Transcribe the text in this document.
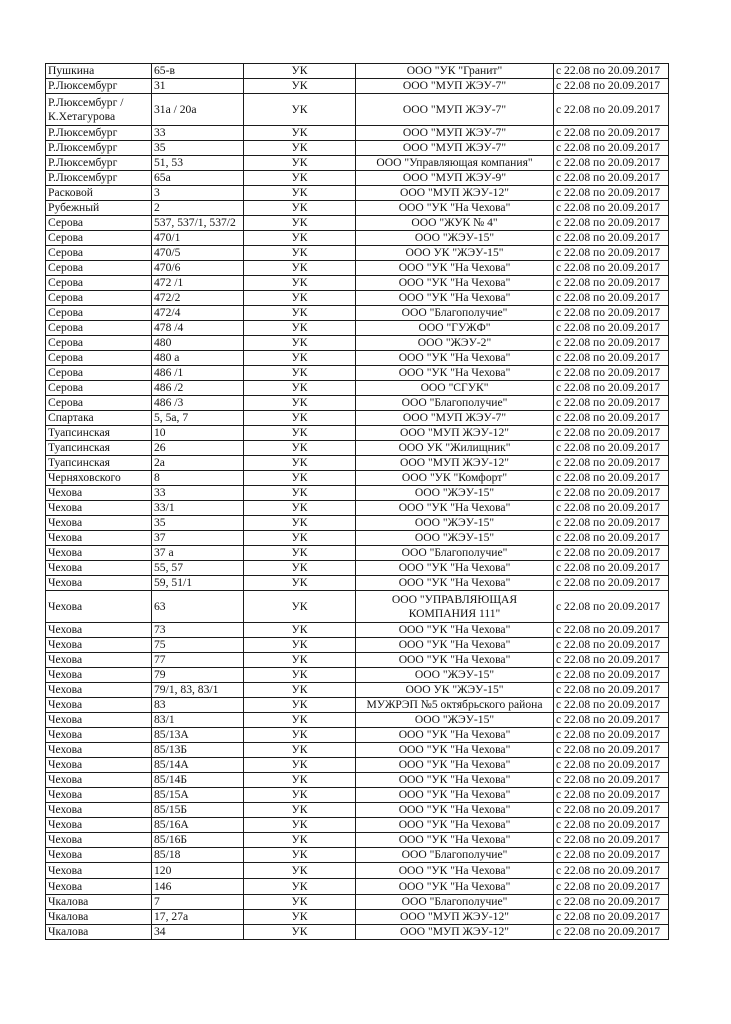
Пушкина	65-в	УК	ООО "УК "Гранит"	с 22.08 по 20.09.2017
Р.Люксембург	31	УК	ООО "МУП ЖЭУ-7"	с 22.08 по 20.09.2017
Р.Люксембург / К.Хетагурова	31а / 20а	УК	ООО "МУП ЖЭУ-7"	с 22.08 по 20.09.2017
Р.Люксембург	33	УК	ООО "МУП ЖЭУ-7"	с 22.08 по 20.09.2017
Р.Люксембург	35	УК	ООО "МУП ЖЭУ-7"	с 22.08 по 20.09.2017
Р.Люксембург	51, 53	УК	ООО "Управляющая компания"	с 22.08 по 20.09.2017
Р.Люксембург	65а	УК	ООО "МУП ЖЭУ-9"	с 22.08 по 20.09.2017
Расковой	3	УК	ООО "МУП ЖЭУ-12"	с 22.08 по 20.09.2017
Рубежный	2	УК	ООО "УК "На Чехова"	с 22.08 по 20.09.2017
Серова	537, 537/1, 537/2	УК	ООО "ЖУК № 4"	с 22.08 по 20.09.2017
Серова	470/1	УК	ООО "ЖЭУ-15"	с 22.08 по 20.09.2017
Серова	470/5	УК	ООО УК "ЖЭУ-15"	с 22.08 по 20.09.2017
Серова	470/6	УК	ООО "УК "На Чехова"	с 22.08 по 20.09.2017
Серова	472 /1	УК	ООО "УК "На Чехова"	с 22.08 по 20.09.2017
Серова	472/2	УК	ООО "УК "На Чехова"	с 22.08 по 20.09.2017
Серова	472/4	УК	ООО "Благополучие"	с 22.08 по 20.09.2017
Серова	478 /4	УК	ООО "ГУЖФ"	с 22.08 по 20.09.2017
Серова	480	УК	ООО "ЖЭУ-2"	с 22.08 по 20.09.2017
Серова	480 а	УК	ООО "УК "На Чехова"	с 22.08 по 20.09.2017
Серова	486 /1	УК	ООО "УК "На Чехова"	с 22.08 по 20.09.2017
Серова	486 /2	УК	ООО "СГУК"	с 22.08 по 20.09.2017
Серова	486 /3	УК	ООО "Благополучие"	с 22.08 по 20.09.2017
Спартака	5, 5а, 7	УК	ООО "МУП ЖЭУ-7"	с 22.08 по 20.09.2017
Туапсинская	10	УК	ООО "МУП ЖЭУ-12"	с 22.08 по 20.09.2017
Туапсинская	26	УК	ООО УК "Жилищник"	с 22.08 по 20.09.2017
Туапсинская	2а	УК	ООО "МУП ЖЭУ-12"	с 22.08 по 20.09.2017
Черняховского	8	УК	ООО "УК "Комфорт"	с 22.08 по 20.09.2017
Чехова	33	УК	ООО "ЖЭУ-15"	с 22.08 по 20.09.2017
Чехова	33/1	УК	ООО "УК "На Чехова"	с 22.08 по 20.09.2017
Чехова	35	УК	ООО "ЖЭУ-15"	с 22.08 по 20.09.2017
Чехова	37	УК	ООО "ЖЭУ-15"	с 22.08 по 20.09.2017
Чехова	37 а	УК	ООО "Благополучие"	с 22.08 по 20.09.2017
Чехова	55, 57	УК	ООО "УК "На Чехова"	с 22.08 по 20.09.2017
Чехова	59, 51/1	УК	ООО "УК "На Чехова"	с 22.08 по 20.09.2017
Чехова	63	УК	ООО "УПРАВЛЯЮЩАЯ КОМПАНИЯ 111"	с 22.08 по 20.09.2017
Чехова	73	УК	ООО "УК "На Чехова"	с 22.08 по 20.09.2017
Чехова	75	УК	ООО "УК "На Чехова"	с 22.08 по 20.09.2017
Чехова	77	УК	ООО "УК "На Чехова"	с 22.08 по 20.09.2017
Чехова	79	УК	ООО "ЖЭУ-15"	с 22.08 по 20.09.2017
Чехова	79/1, 83, 83/1	УК	ООО УК "ЖЭУ-15"	с 22.08 по 20.09.2017
Чехова	83	УК	МУЖРЭП №5 октябрьского района	с 22.08 по 20.09.2017
Чехова	83/1	УК	ООО "ЖЭУ-15"	с 22.08 по 20.09.2017
Чехова	85/13А	УК	ООО "УК "На Чехова"	с 22.08 по 20.09.2017
Чехова	85/13Б	УК	ООО "УК "На Чехова"	с 22.08 по 20.09.2017
Чехова	85/14А	УК	ООО "УК "На Чехова"	с 22.08 по 20.09.2017
Чехова	85/14Б	УК	ООО "УК "На Чехова"	с 22.08 по 20.09.2017
Чехова	85/15А	УК	ООО "УК "На Чехова"	с 22.08 по 20.09.2017
Чехова	85/15Б	УК	ООО "УК "На Чехова"	с 22.08 по 20.09.2017
Чехова	85/16А	УК	ООО "УК "На Чехова"	с 22.08 по 20.09.2017
Чехова	85/16Б	УК	ООО "УК "На Чехова"	с 22.08 по 20.09.2017
Чехова	85/18	УК	ООО "Благополучие"	с 22.08 по 20.09.2017
Чехова	120	УК	ООО "УК "На Чехова"	с 22.08 по 20.09.2017
Чехова	146	УК	ООО "УК "На Чехова"	с 22.08 по 20.09.2017
Чкалова	7	УК	ООО "Благополучие"	с 22.08 по 20.09.2017
Чкалова	17, 27а	УК	ООО "МУП ЖЭУ-12"	с 22.08 по 20.09.2017
Чкалова	34	УК	ООО "МУП ЖЭУ-12"	с 22.08 по 20.09.2017
